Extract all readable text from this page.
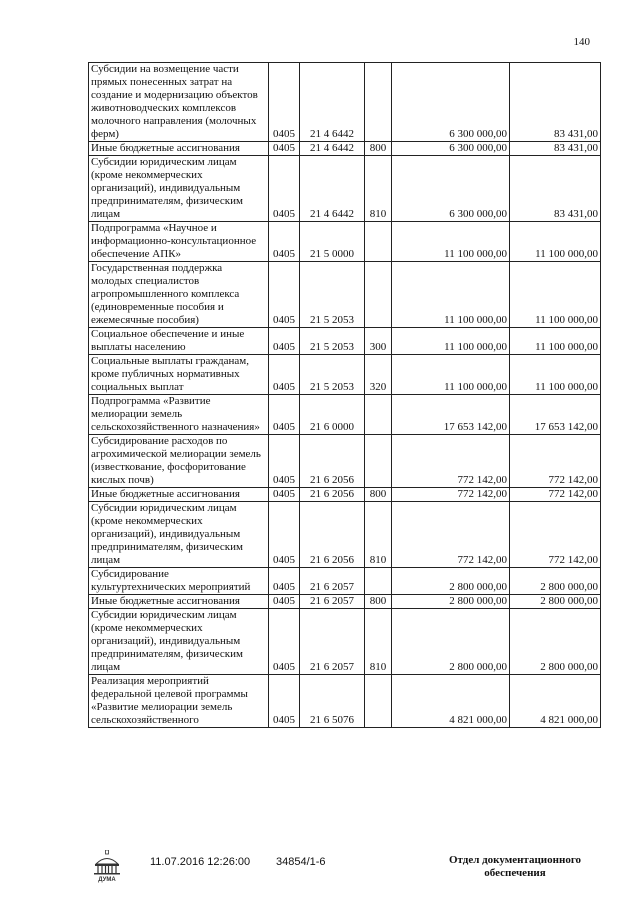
140
Субсидии на возмещение части прямых понесенных затрат на создание и модернизацию объектов животноводческих комплексов молочного направления (молочных ферм)	0405	21 4 6442		6 300 000,00	83 431,00
Иные бюджетные ассигнования	0405	21 4 6442	800	6 300 000,00	83 431,00
Субсидии юридическим лицам (кроме некоммерческих организаций), индивидуальным предпринимателям, физическим лицам	0405	21 4 6442	810	6 300 000,00	83 431,00
Подпрограмма «Научное и информационно-консультационное обеспечение АПК»	0405	21 5 0000		11 100 000,00	11 100 000,00
Государственная поддержка молодых специалистов агропромышленного комплекса (единовременные пособия и ежемесячные пособия)	0405	21 5 2053		11 100 000,00	11 100 000,00
Социальное обеспечение и иные выплаты населению	0405	21 5 2053	300	11 100 000,00	11 100 000,00
Социальные выплаты гражданам, кроме публичных нормативных социальных выплат	0405	21 5 2053	320	11 100 000,00	11 100 000,00
Подпрограмма «Развитие мелиорации земель сельскохозяйственного назначения»	0405	21 6 0000		17 653 142,00	17 653 142,00
Субсидирование расходов по агрохимической мелиорации земель (известкование, фосфоритование кислых почв)	0405	21 6 2056		772 142,00	772 142,00
Иные бюджетные ассигнования	0405	21 6 2056	800	772 142,00	772 142,00
Субсидии юридическим лицам (кроме некоммерческих организаций), индивидуальным предпринимателям, физическим лицам	0405	21 6 2056	810	772 142,00	772 142,00
Субсидирование культуртехнических мероприятий	0405	21 6 2057		2 800 000,00	2 800 000,00
Иные бюджетные ассигнования	0405	21 6 2057	800	2 800 000,00	2 800 000,00
Субсидии юридическим лицам (кроме некоммерческих организаций), индивидуальным предпринимателям, физическим лицам	0405	21 6 2057	810	2 800 000,00	2 800 000,00
Реализация мероприятий федеральной целевой программы «Развитие мелиорации земель сельскохозяйственного	0405	21 6 5076		4 821 000,00	4 821 000,00
ДУМА
11.07.2016 12:26:00 34854/1-6	Отдел документационного обеспечения
